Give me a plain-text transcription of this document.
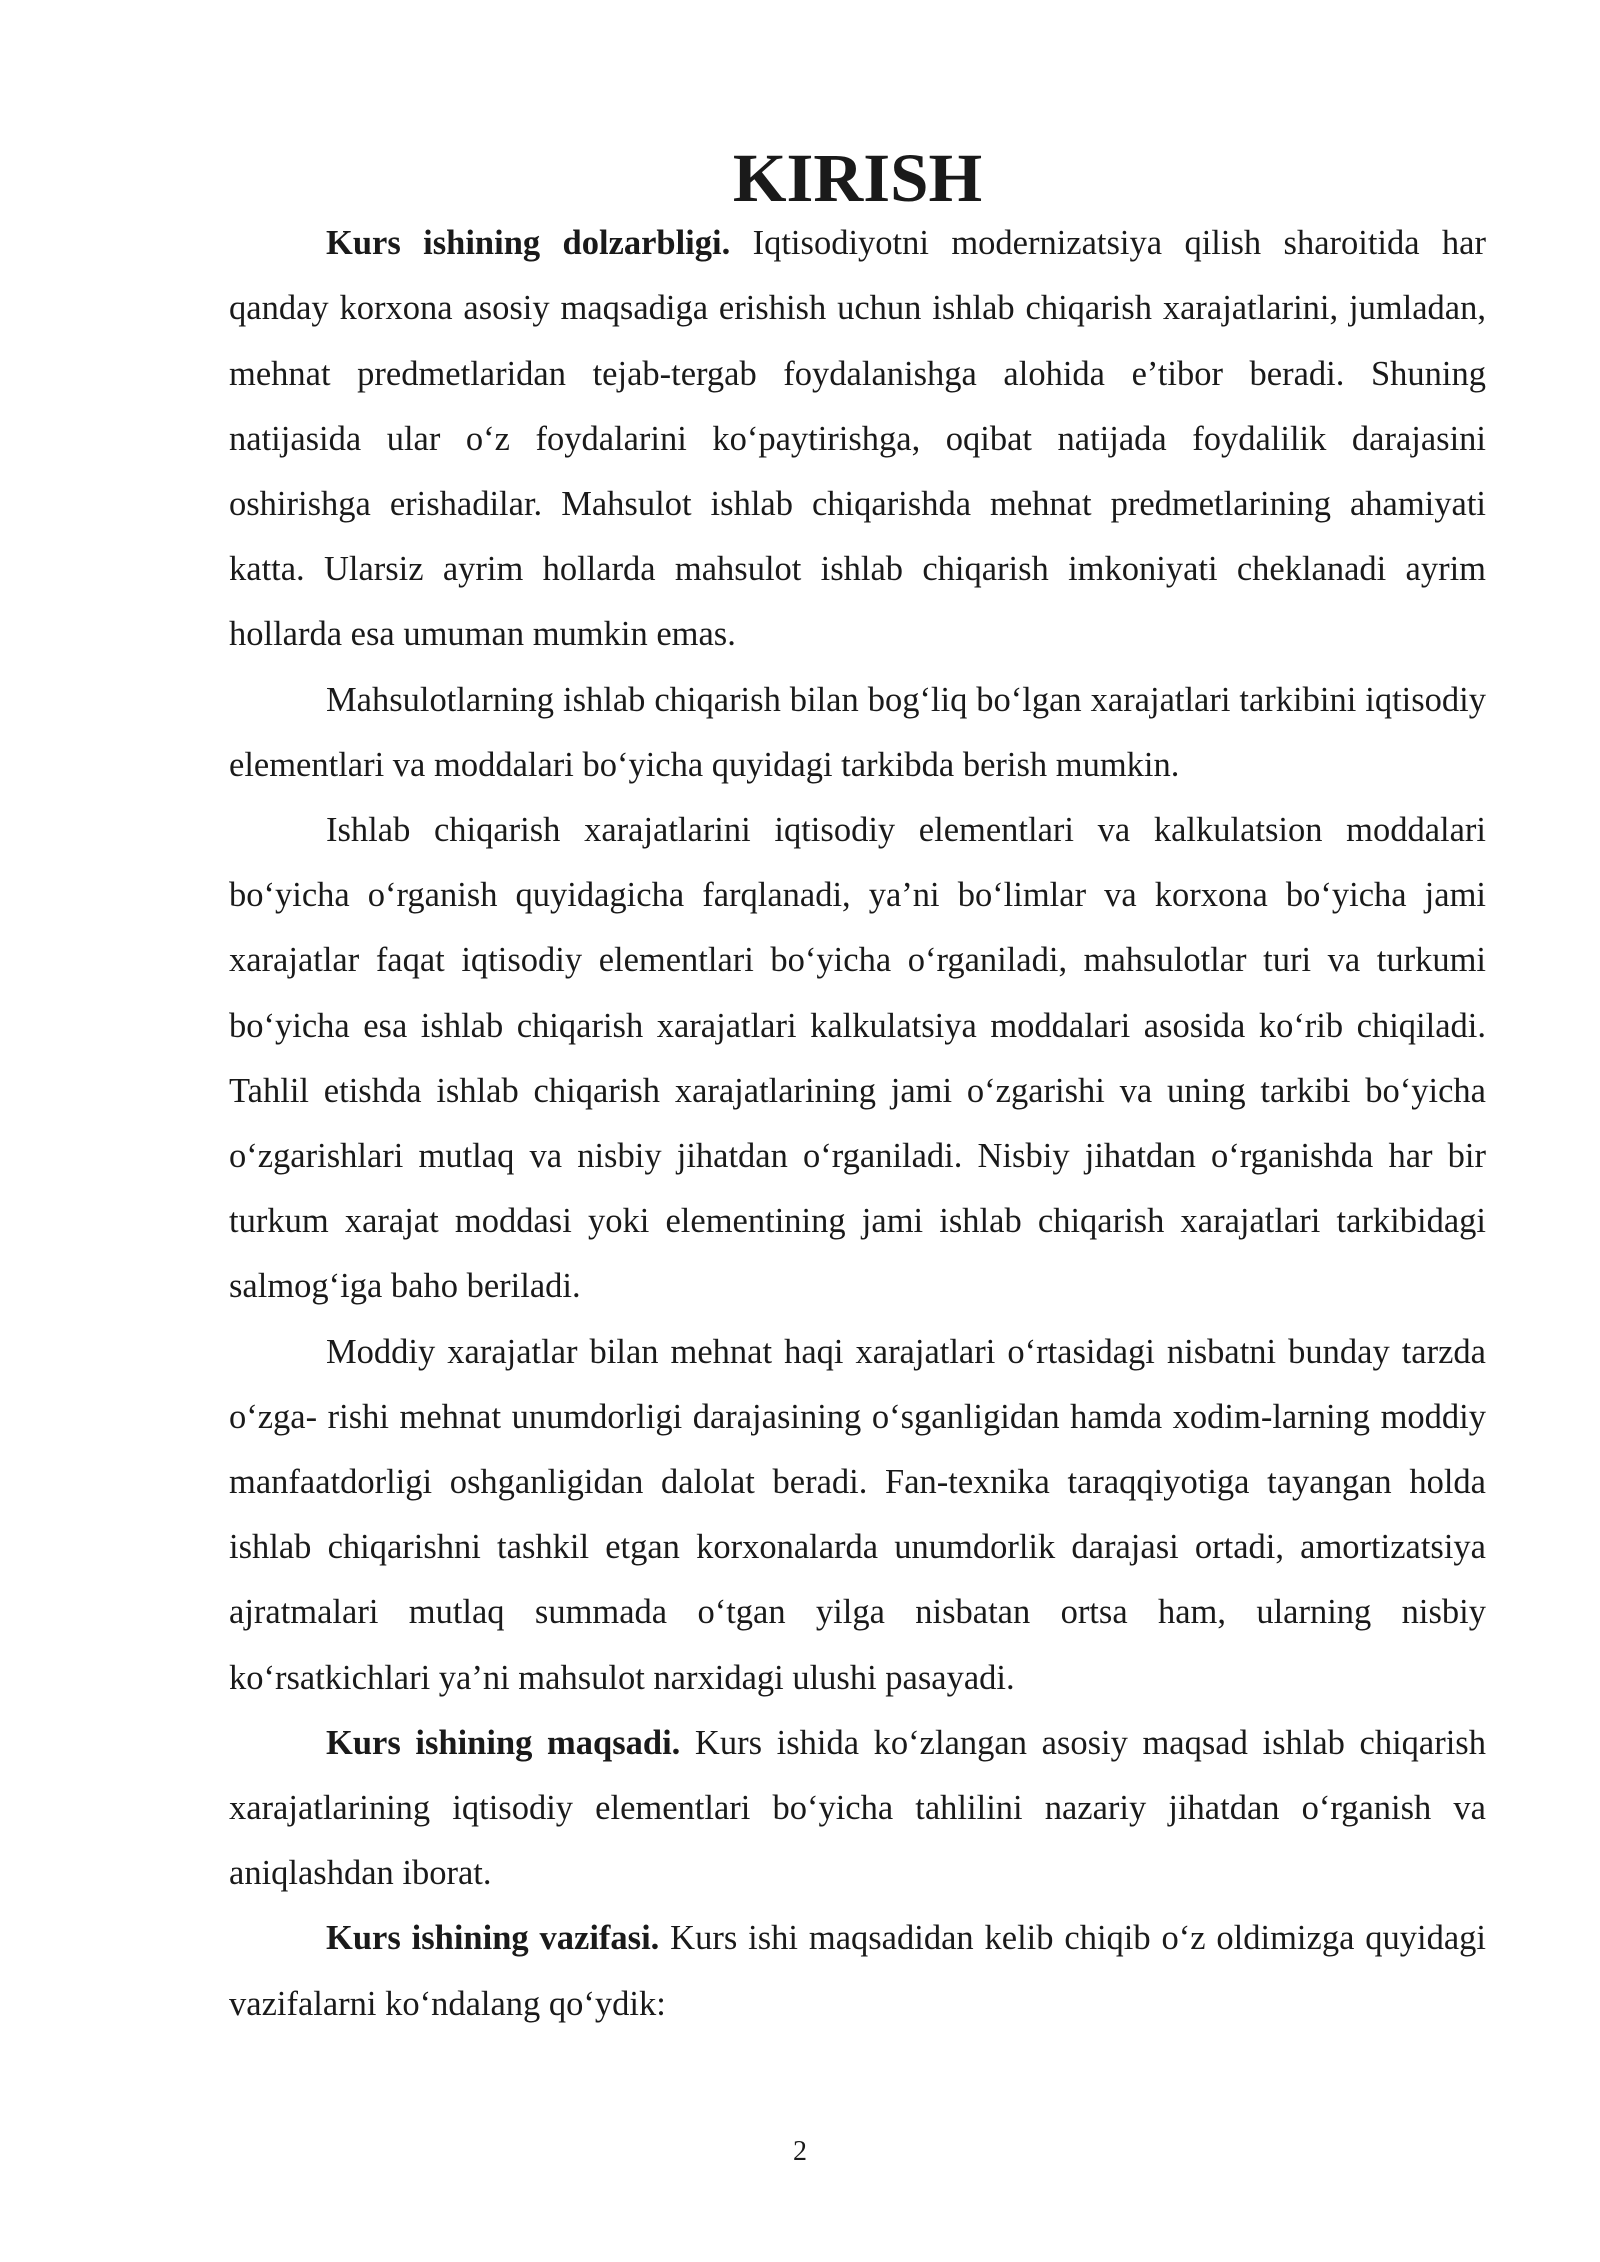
KIRISH

Kurs ishining dolzarbligi. Iqtisodiyotni modernizatsiya qilish sharoitida har qanday korxona asosiy maqsadiga erishish uchun ishlab chiqarish xarajatlarini, jumladan, mehnat predmetlaridan tejab-tergab foydalanishga alohida e’tibor beradi. Shuning natijasida ular o‘z foydalarini ko‘paytirishga, oqibat natijada foydalilik darajasini oshirishga erishadilar. Mahsulot ishlab chiqarishda mehnat predmetlarining ahamiyati katta. Ularsiz ayrim hollarda mahsulot ishlab chiqarish imkoniyati cheklanadi ayrim hollarda esa umuman mumkin emas.

Mahsulotlarning ishlab chiqarish bilan bog‘liq bo‘lgan xarajatlari tarkibini iqtisodiy elementlari va moddalari bo‘yicha quyidagi tarkibda berish mumkin.

Ishlab chiqarish xarajatlarini iqtisodiy elementlari va kalkulatsion moddalari bo‘yicha o‘rganish quyidagicha farqlanadi, ya’ni bo‘limlar va korxona bo‘yicha jami xarajatlar faqat iqtisodiy elementlari bo‘yicha o‘rganiladi, mahsulotlar turi va turkumi bo‘yicha esa ishlab chiqarish xarajatlari kalkulatsiya moddalari asosida ko‘rib chiqiladi. Tahlil etishda ishlab chiqarish xarajatlarining jami o‘zgarishi va uning tarkibi bo‘yicha o‘zgarishlari mutlaq va nisbiy jihatdan o‘rganiladi. Nisbiy jihatdan o‘rganishda har bir turkum xarajat moddasi yoki elementining jami ishlab chiqarish xarajatlari tarkibidagi salmog‘iga baho beriladi.

Moddiy xarajatlar bilan mehnat haqi xarajatlari o‘rtasidagi nisbatni bunday tarzda o‘zga- rishi mehnat unumdorligi darajasining o‘sganligidan hamda xodim-larning moddiy manfaatdorligi oshganligidan dalolat beradi. Fan-texnika taraqqiyotiga tayangan holda ishlab chiqarishni tashkil etgan korxonalarda unumdorlik darajasi ortadi, amortizatsiya ajratmalari mutlaq summada o‘tgan yilga nisbatan ortsa ham, ularning nisbiy ko‘rsatkichlari ya’ni mahsulot narxidagi ulushi pasayadi.

Kurs ishining maqsadi. Kurs ishida ko‘zlangan asosiy maqsad ishlab chiqarish xarajatlarining iqtisodiy elementlari bo‘yicha tahlilini nazariy jihatdan o‘rganish va aniqlashdan iborat.

Kurs ishining vazifasi. Kurs ishi maqsadidan kelib chiqib o‘z oldimizga quyidagi vazifalarni ko‘ndalang qo‘ydik:

2
